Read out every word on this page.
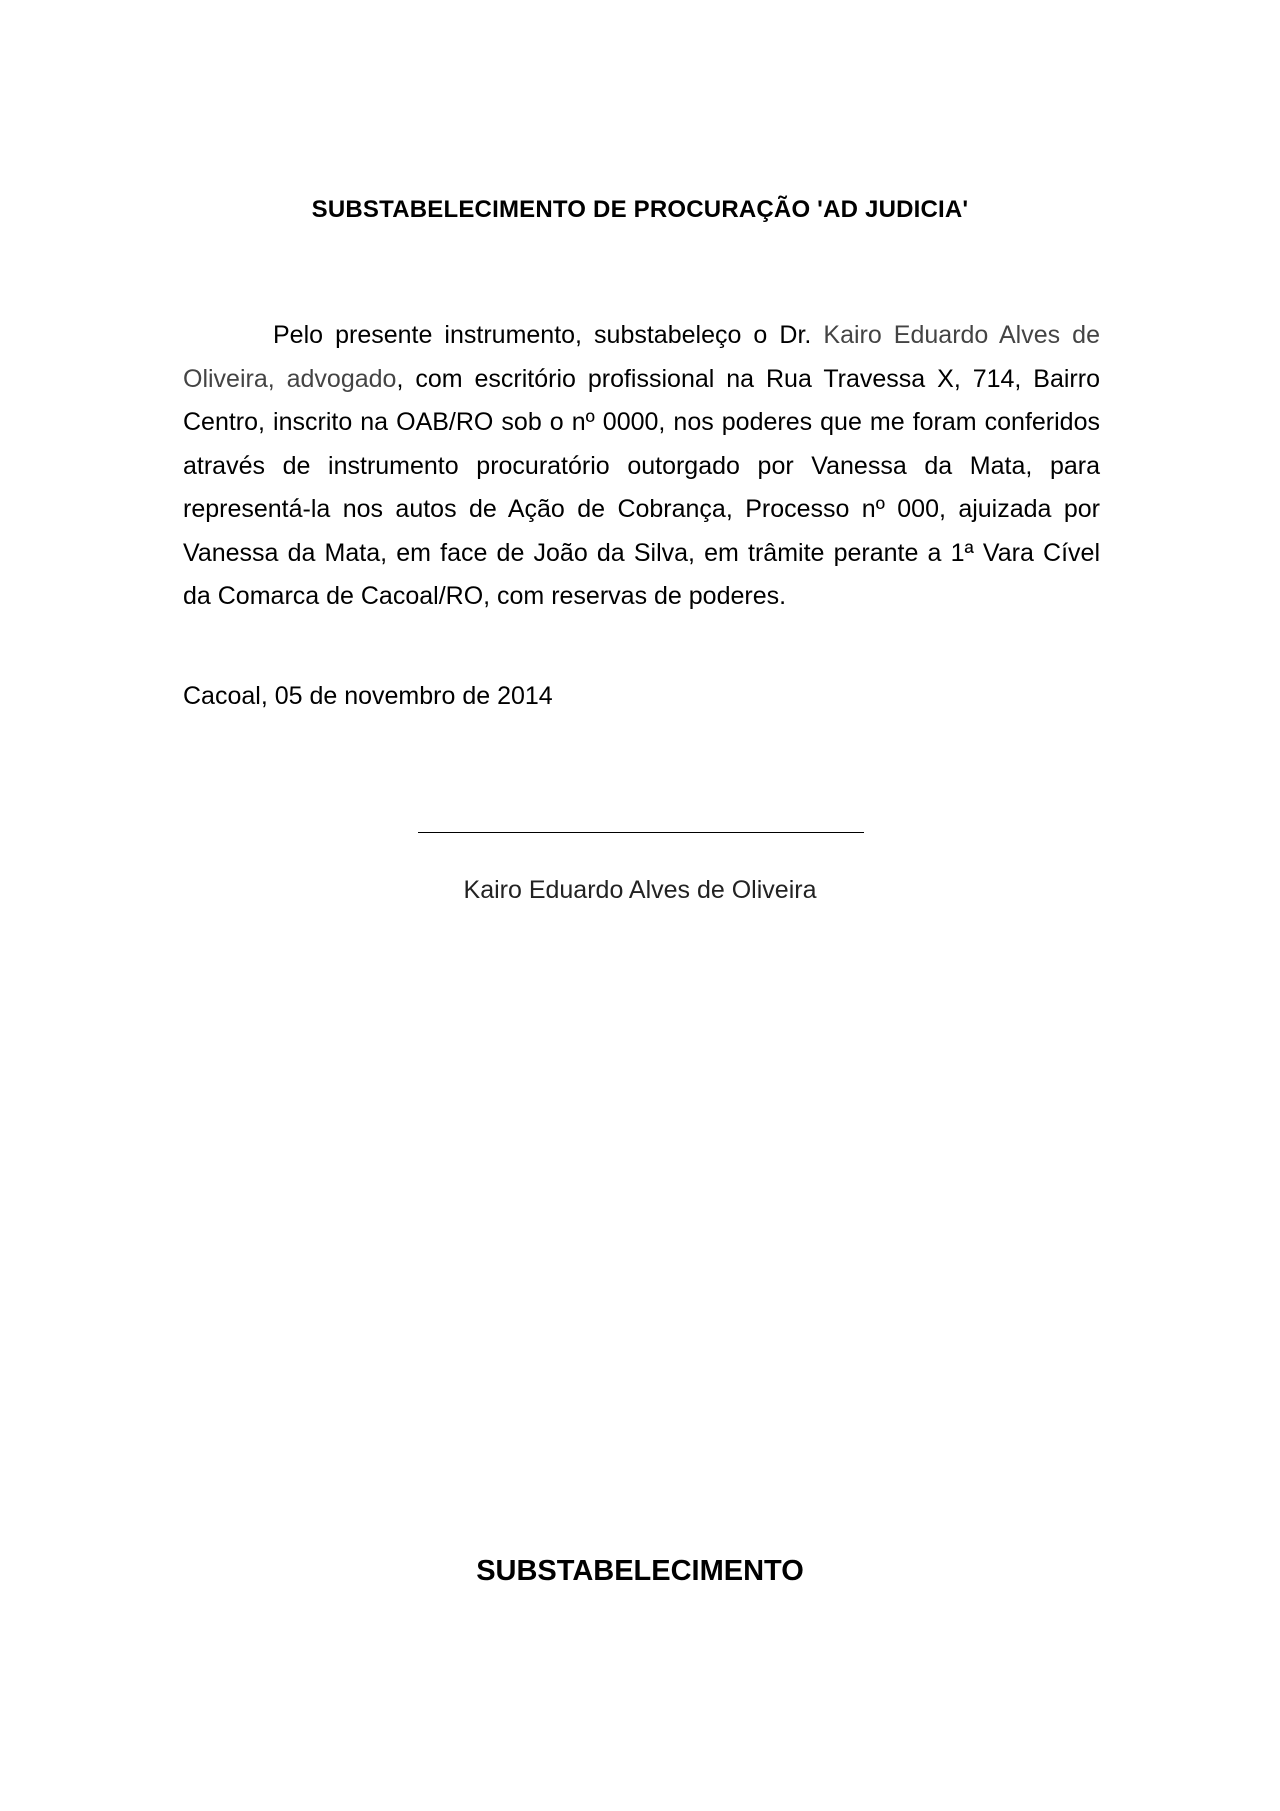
SUBSTABELECIMENTO DE PROCURAÇÃO 'AD JUDICIA'

Pelo presente instrumento, substabeleço o Dr. Kairo Eduardo Alves de Oliveira, advogado, com escritório profissional na Rua Travessa X, 714, Bairro Centro, inscrito na OAB/RO sob o nº 0000, nos poderes que me foram conferidos através de instrumento procuratório outorgado por Vanessa da Mata, para representá-la nos autos de Ação de Cobrança, Processo nº 000, ajuizada por Vanessa da Mata, em face de João da Silva, em trâmite perante a 1ª Vara Cível da Comarca de Cacoal/RO, com reservas de poderes.

Cacoal, 05 de novembro de 2014
Kairo Eduardo Alves de Oliveira
SUBSTABELECIMENTO
